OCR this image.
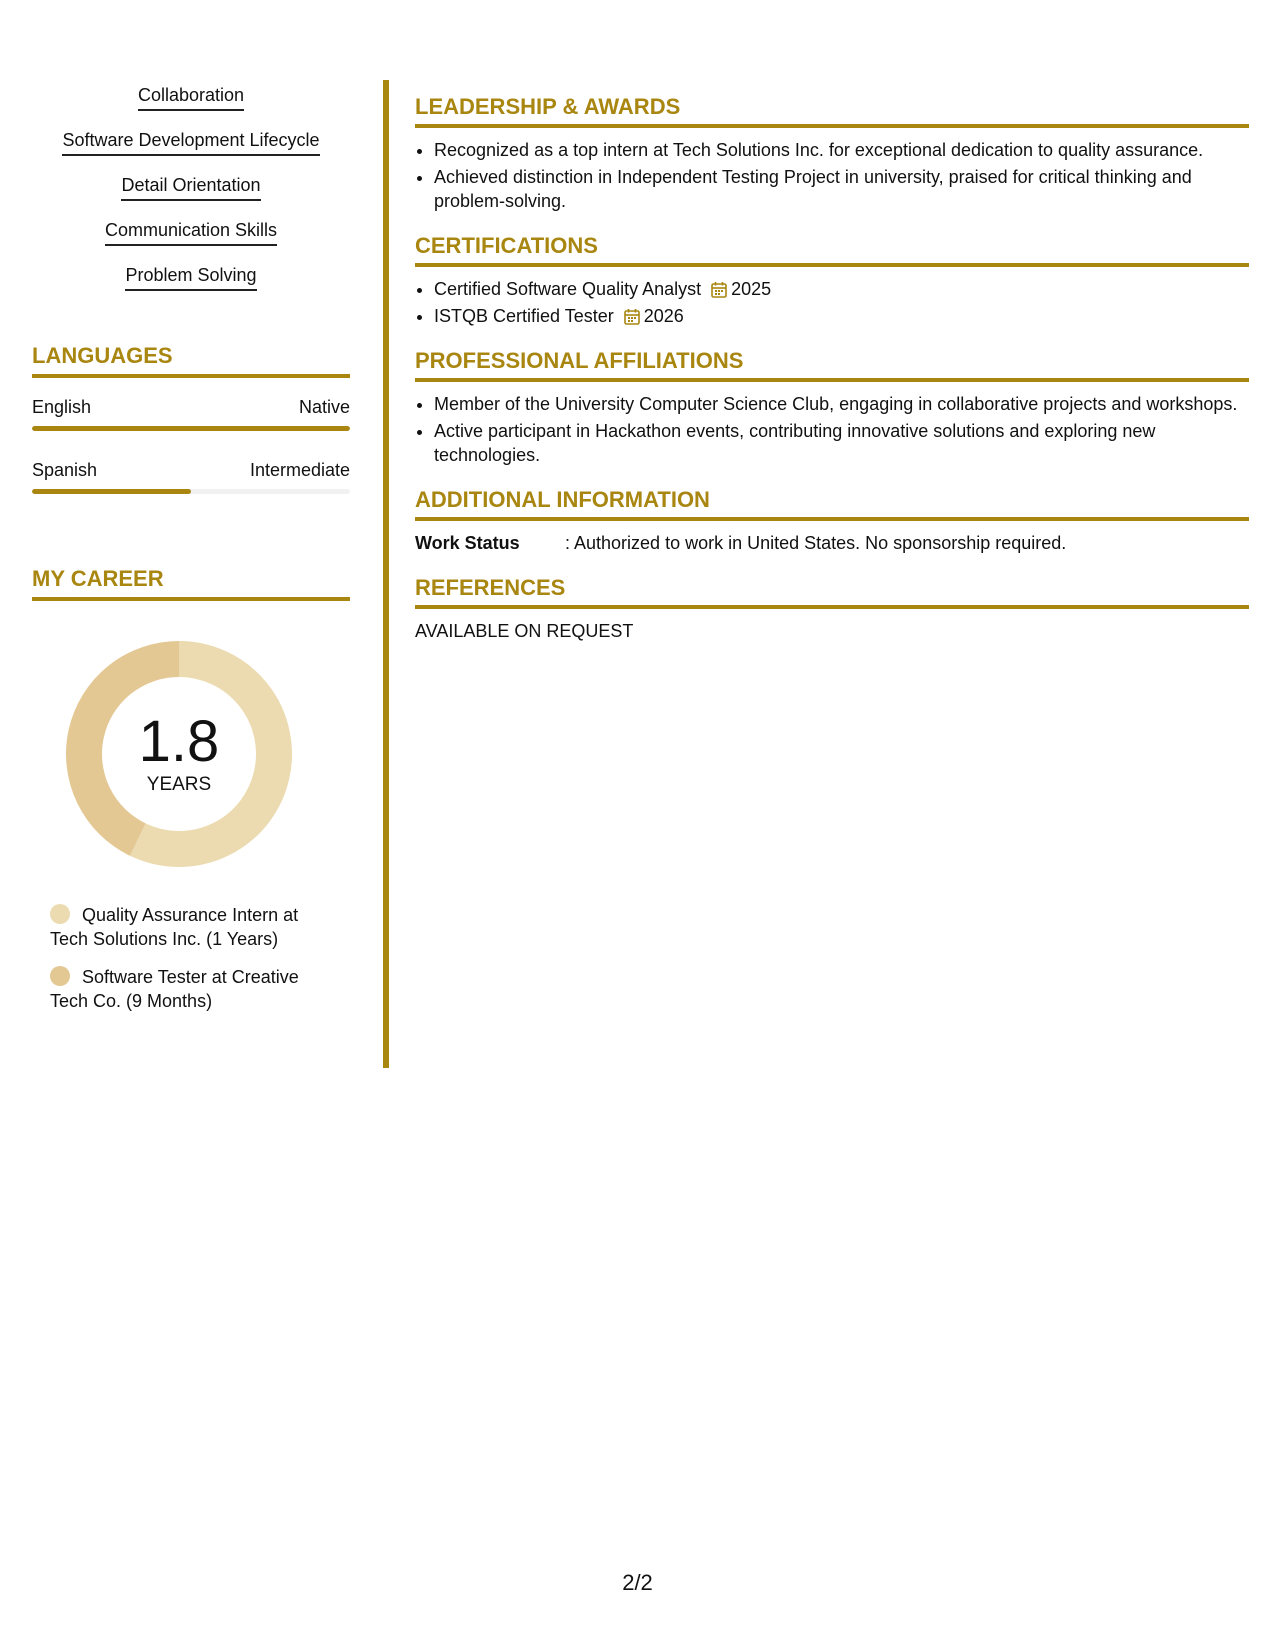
Collaboration
Software Development Lifecycle
Detail Orientation
Communication Skills
Problem Solving
LANGUAGES
English	Native
Spanish	Intermediate
MY CAREER
1.8
YEARS
Quality Assurance Intern at Tech Solutions Inc. (1 Years)
Software Tester at Creative Tech Co. (9 Months)
LEADERSHIP & AWARDS
• Recognized as a top intern at Tech Solutions Inc. for exceptional dedication to quality assurance.
• Achieved distinction in Independent Testing Project in university, praised for critical thinking and problem-solving.
CERTIFICATIONS
• Certified Software Quality Analyst 2025
• ISTQB Certified Tester 2026
PROFESSIONAL AFFILIATIONS
• Member of the University Computer Science Club, engaging in collaborative projects and workshops.
• Active participant in Hackathon events, contributing innovative solutions and exploring new technologies.
ADDITIONAL INFORMATION
Work Status	: Authorized to work in United States. No sponsorship required.
REFERENCES
AVAILABLE ON REQUEST
2/2
